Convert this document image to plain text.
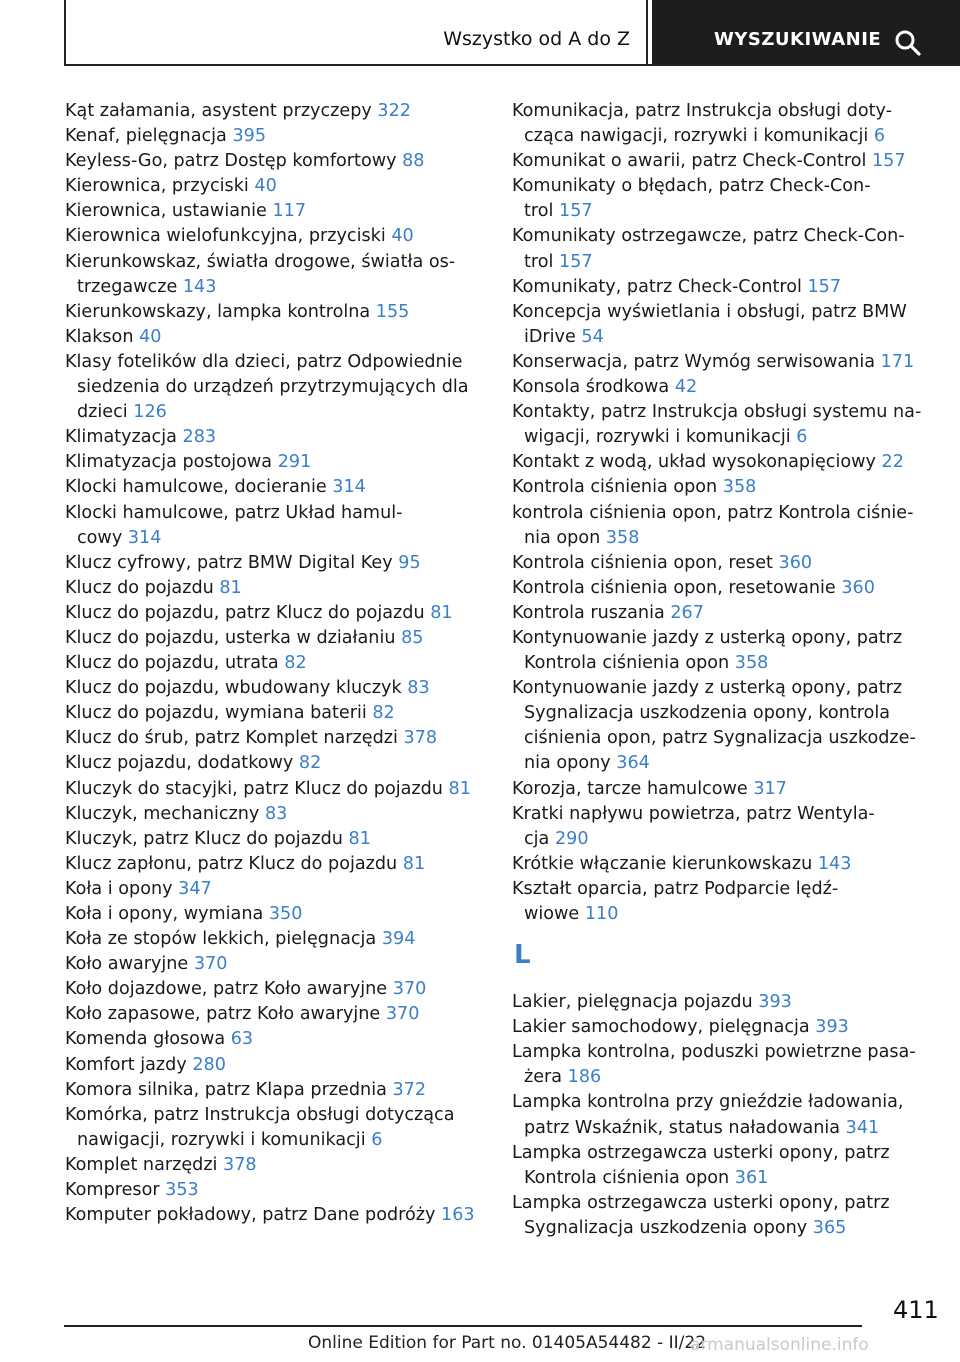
Wszystko od A do Z	WYSZUKIWANIE
Kąt załamania, asystent przyczepy 322
Kenaf, pielęgnacja 395
Keyless-Go, patrz Dostęp komfortowy 88
Kierownica, przyciski 40
Kierownica, ustawianie 117
Kierownica wielofunkcyjna, przyciski 40
Kierunkowskaz, światła drogowe, światła os-
trzegawcze 143
Kierunkowskazy, lampka kontrolna 155
Klakson 40
Klasy fotelików dla dzieci, patrz Odpowiednie
siedzenia do urządzeń przytrzymujących dla
dzieci 126
Klimatyzacja 283
Klimatyzacja postojowa 291
Klocki hamulcowe, docieranie 314
Klocki hamulcowe, patrz Układ hamul-
cowy 314
Klucz cyfrowy, patrz BMW Digital Key 95
Klucz do pojazdu 81
Klucz do pojazdu, patrz Klucz do pojazdu 81
Klucz do pojazdu, usterka w działaniu 85
Klucz do pojazdu, utrata 82
Klucz do pojazdu, wbudowany kluczyk 83
Klucz do pojazdu, wymiana baterii 82
Klucz do śrub, patrz Komplet narzędzi 378
Klucz pojazdu, dodatkowy 82
Kluczyk do stacyjki, patrz Klucz do pojazdu 81
Kluczyk, mechaniczny 83
Kluczyk, patrz Klucz do pojazdu 81
Klucz zapłonu, patrz Klucz do pojazdu 81
Koła i opony 347
Koła i opony, wymiana 350
Koła ze stopów lekkich, pielęgnacja 394
Koło awaryjne 370
Koło dojazdowe, patrz Koło awaryjne 370
Koło zapasowe, patrz Koło awaryjne 370
Komenda głosowa 63
Komfort jazdy 280
Komora silnika, patrz Klapa przednia 372
Komórka, patrz Instrukcja obsługi dotycząca
nawigacji, rozrywki i komunikacji 6
Komplet narzędzi 378
Kompresor 353
Komputer pokładowy, patrz Dane podróży 163
Komunikacja, patrz Instrukcja obsługi doty-
cząca nawigacji, rozrywki i komunikacji 6
Komunikat o awarii, patrz Check-Control 157
Komunikaty o błędach, patrz Check-Con-
trol 157
Komunikaty ostrzegawcze, patrz Check-Con-
trol 157
Komunikaty, patrz Check-Control 157
Koncepcja wyświetlania i obsługi, patrz BMW
iDrive 54
Konserwacja, patrz Wymóg serwisowania 171
Konsola środkowa 42
Kontakty, patrz Instrukcja obsługi systemu na-
wigacji, rozrywki i komunikacji 6
Kontakt z wodą, układ wysokonapięciowy 22
Kontrola ciśnienia opon 358
kontrola ciśnienia opon, patrz Kontrola ciśnie-
nia opon 358
Kontrola ciśnienia opon, reset 360
Kontrola ciśnienia opon, resetowanie 360
Kontrola ruszania 267
Kontynuowanie jazdy z usterką opony, patrz
Kontrola ciśnienia opon 358
Kontynuowanie jazdy z usterką opony, patrz
Sygnalizacja uszkodzenia opony, kontrola
ciśnienia opon, patrz Sygnalizacja uszkodze-
nia opony 364
Korozja, tarcze hamulcowe 317
Kratki napływu powietrza, patrz Wentyla-
cja 290
Krótkie włączanie kierunkowskazu 143
Kształt oparcia, patrz Podparcie lędź-
wiowe 110
L
Lakier, pielęgnacja pojazdu 393
Lakier samochodowy, pielęgnacja 393
Lampka kontrolna, poduszki powietrzne pasa-
żera 186
Lampka kontrolna przy gnieździe ładowania,
patrz Wskaźnik, status naładowania 341
Lampka ostrzegawcza usterki opony, patrz
Kontrola ciśnienia opon 361
Lampka ostrzegawcza usterki opony, patrz
Sygnalizacja uszkodzenia opony 365
411
Online Edition for Part no. 01405A54482 - II/22
armanualsonline.info
